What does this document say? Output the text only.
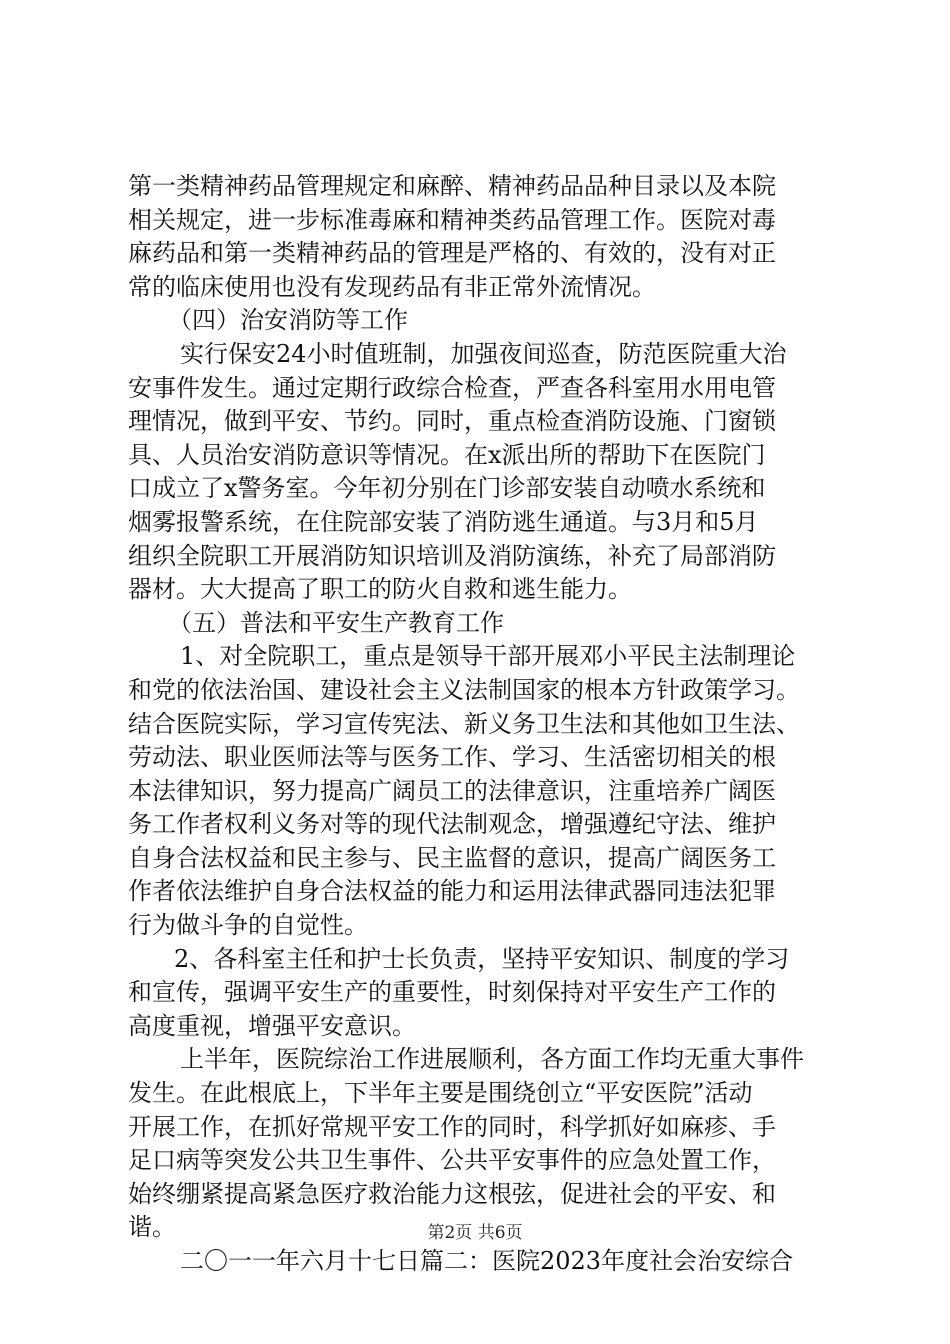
第一类精神药品管理规定和麻醉、精神药品品种目录以及本院
相关规定，进一步标准毒麻和精神类药品管理工作。医院对毒
麻药品和第一类精神药品的管理是严格的、有效的，没有对正
常的临床使用也没有发现药品有非正常外流情况。
（四）治安消防等工作
实行保安24小时值班制，加强夜间巡查，防范医院重大治
安事件发生。通过定期行政综合检查，严查各科室用水用电管
理情况，做到平安、节约。同时，重点检查消防设施、门窗锁
具、人员治安消防意识等情况。在x派出所的帮助下在医院门
口成立了x警务室。今年初分别在门诊部安装自动喷水系统和
烟雾报警系统，在住院部安装了消防逃生通道。与3月和5月
组织全院职工开展消防知识培训及消防演练，补充了局部消防
器材。大大提高了职工的防火自救和逃生能力。
（五）普法和平安生产教育工作
1、对全院职工，重点是领导干部开展邓小平民主法制理论
和党的依法治国、建设社会主义法制国家的根本方针政策学习。
结合医院实际，学习宣传宪法、新义务卫生法和其他如卫生法、
劳动法、职业医师法等与医务工作、学习、生活密切相关的根
本法律知识，努力提高广阔员工的法律意识，注重培养广阔医
务工作者权利义务对等的现代法制观念，增强遵纪守法、维护
自身合法权益和民主参与、民主监督的意识，提高广阔医务工
作者依法维护自身合法权益的能力和运用法律武器同违法犯罪
行为做斗争的自觉性。
2、各科室主任和护士长负责，坚持平安知识、制度的学习
和宣传，强调平安生产的重要性，时刻保持对平安生产工作的
高度重视，增强平安意识。
上半年，医院综治工作进展顺利，各方面工作均无重大事件
发生。在此根底上，下半年主要是围绕创立“平安医院”活动
开展工作，在抓好常规平安工作的同时，科学抓好如麻疹、手
足口病等突发公共卫生事件、公共平安事件的应急处置工作，
始终绷紧提高紧急医疗救治能力这根弦，促进社会的平安、和
谐。
二〇一一年六月十七日篇二：医院2023年度社会治安综合
第2页 共6页
